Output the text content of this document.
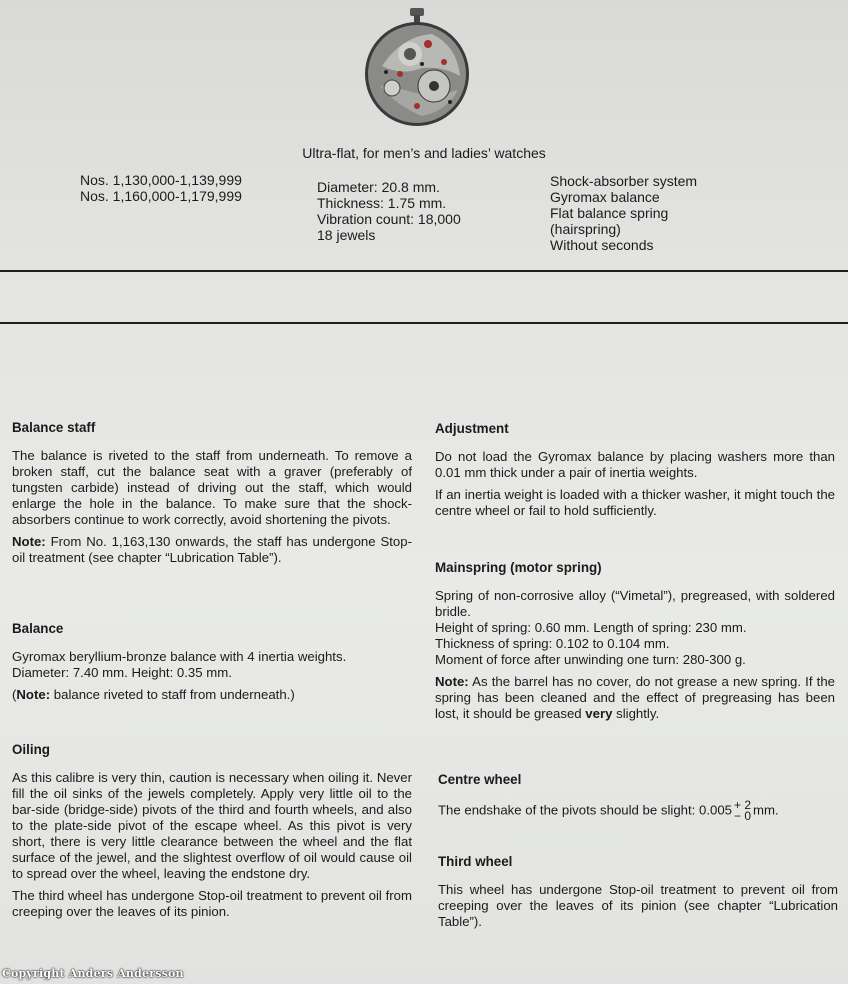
Ultra-flat, for men’s and ladies’ watches
Nos. 1,130,000-1,139,999
Nos. 1,160,000-1,179,999
Diameter: 20.8 mm.
Thickness: 1.75 mm.
Vibration count: 18,000
18 jewels
Shock-absorber system
Gyromax balance
Flat balance spring
(hairspring)
Without seconds
Balance staff

The balance is riveted to the staff from underneath. To remove a broken staff, cut the balance seat with a graver (preferably of tungsten carbide) instead of driving out the staff, which would enlarge the hole in the balance. To make sure that the shock-absorbers continue to work correctly, avoid shortening the pivots.

Note: From No. 1,163,130 onwards, the staff has undergone Stop-oil treatment (see chapter “Lubrication Table”).

Balance

Gyromax beryllium-bronze balance with 4 inertia weights.

Diameter: 7.40 mm. Height: 0.35 mm.

(Note: balance riveted to staff from underneath.)

Oiling

As this calibre is very thin, caution is necessary when oiling it. Never fill the oil sinks of the jewels completely. Apply very little oil to the bar-side (bridge-side) pivots of the third and fourth wheels, and also to the plate-side pivot of the escape wheel. As this pivot is very short, there is very little clearance between the wheel and the flat surface of the jewel, and the slightest overflow of oil would cause oil to spread over the wheel, leaving the endstone dry.

The third wheel has undergone Stop-oil treatment to prevent oil from creeping over the leaves of its pinion.

Adjustment

Do not load the Gyromax balance by placing washers more than 0.01 mm thick under a pair of inertia weights.

If an inertia weight is loaded with a thicker washer, it might touch the centre wheel or fail to hold sufficiently.

Mainspring (motor spring)

Spring of non-corrosive alloy (“Vimetal”), pregreased, with soldered bridle.

Height of spring: 0.60 mm. Length of spring: 230 mm.

Thickness of spring: 0.102 to 0.104 mm.

Moment of force after unwinding one turn: 280-300 g.

Note: As the barrel has no cover, do not grease a new spring. If the spring has been cleaned and the effect of pregreasing has been lost, it should be greased very slightly.

Centre wheel

The endshake of the pivots should be slight: 0.005 + 2
− 0 mm.

Third wheel

This wheel has undergone Stop-oil treatment to prevent oil from creeping over the leaves of its pinion (see chapter “Lubrication Table”).

Copyright Anders Andersson
